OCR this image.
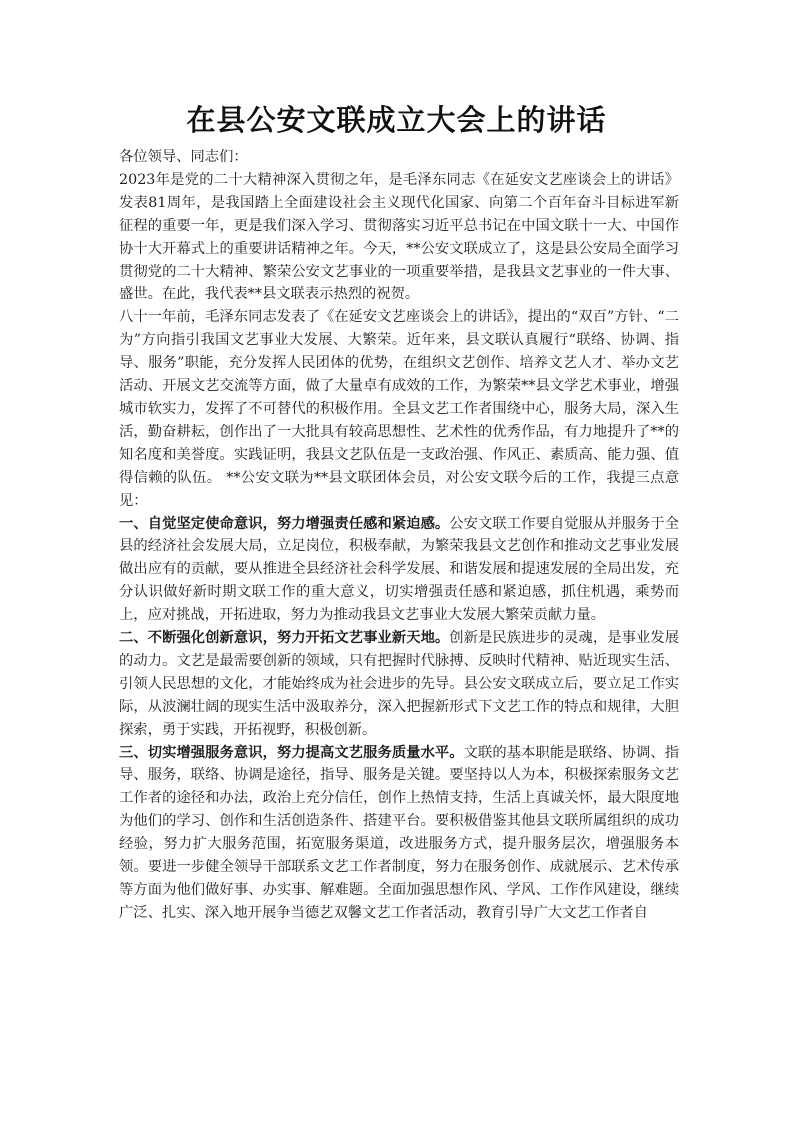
在县公安文联成立大会上的讲话

各位领导、同志们：

2023年是党的二十大精神深入贯彻之年，是毛泽东同志《在延安文艺座谈会上的讲话》发表81周年，是我国踏上全面建设社会主义现代化国家、向第二个百年奋斗目标进军新征程的重要一年，更是我们深入学习、贯彻落实习近平总书记在中国文联十一大、中国作协十大开幕式上的重要讲话精神之年。今天，**公安文联成立了，这是县公安局全面学习贯彻党的二十大精神、繁荣公安文艺事业的一项重要举措，是我县文艺事业的一件大事、盛世。在此，我代表**县文联表示热烈的祝贺。

八十一年前，毛泽东同志发表了《在延安文艺座谈会上的讲话》，提出的“双百”方针、“二为”方向指引我国文艺事业大发展、大繁荣。近年来，县文联认真履行“联络、协调、指导、服务”职能，充分发挥人民团体的优势，在组织文艺创作、培养文艺人才、举办文艺活动、开展文艺交流等方面，做了大量卓有成效的工作，为繁荣**县文学艺术事业，增强城市软实力，发挥了不可替代的积极作用。全县文艺工作者围绕中心，服务大局，深入生活，勤奋耕耘，创作出了一大批具有较高思想性、艺术性的优秀作品，有力地提升了**的知名度和美誉度。实践证明，我县文艺队伍是一支政治强、作风正、素质高、能力强、值得信赖的队伍。 **公安文联为**县文联团体会员，对公安文联今后的工作，我提三点意见：

一、自觉坚定使命意识，努力增强责任感和紧迫感。公安文联工作要自觉服从并服务于全县的经济社会发展大局，立足岗位，积极奉献，为繁荣我县文艺创作和推动文艺事业发展做出应有的贡献，要从推进全县经济社会科学发展、和谐发展和提速发展的全局出发，充分认识做好新时期文联工作的重大意义，切实增强责任感和紧迫感，抓住机遇，乘势而上，应对挑战，开拓进取，努力为推动我县文艺事业大发展大繁荣贡献力量。

二、不断强化创新意识，努力开拓文艺事业新天地。创新是民族进步的灵魂，是事业发展的动力。文艺是最需要创新的领域，只有把握时代脉搏、反映时代精神、贴近现实生活、引领人民思想的文化，才能始终成为社会进步的先导。县公安文联成立后，要立足工作实际，从波澜壮阔的现实生活中汲取养分，深入把握新形式下文艺工作的特点和规律，大胆探索，勇于实践，开拓视野，积极创新。

三、切实增强服务意识，努力提高文艺服务质量水平。文联的基本职能是联络、协调、指导、服务，联络、协调是途径，指导、服务是关键。要坚持以人为本，积极探索服务文艺工作者的途径和办法，政治上充分信任，创作上热情支持，生活上真诚关怀，最大限度地为他们的学习、创作和生活创造条件、搭建平台。要积极借鉴其他县文联所属组织的成功经验，努力扩大服务范围，拓宽服务渠道，改进服务方式，提升服务层次，增强服务本领。要进一步健全领导干部联系文艺工作者制度，努力在服务创作、成就展示、艺术传承等方面为他们做好事、办实事、解难题。全面加强思想作风、学风、工作作风建设，继续广泛、扎实、深入地开展争当德艺双馨文艺工作者活动，教育引导广大文艺工作者自
